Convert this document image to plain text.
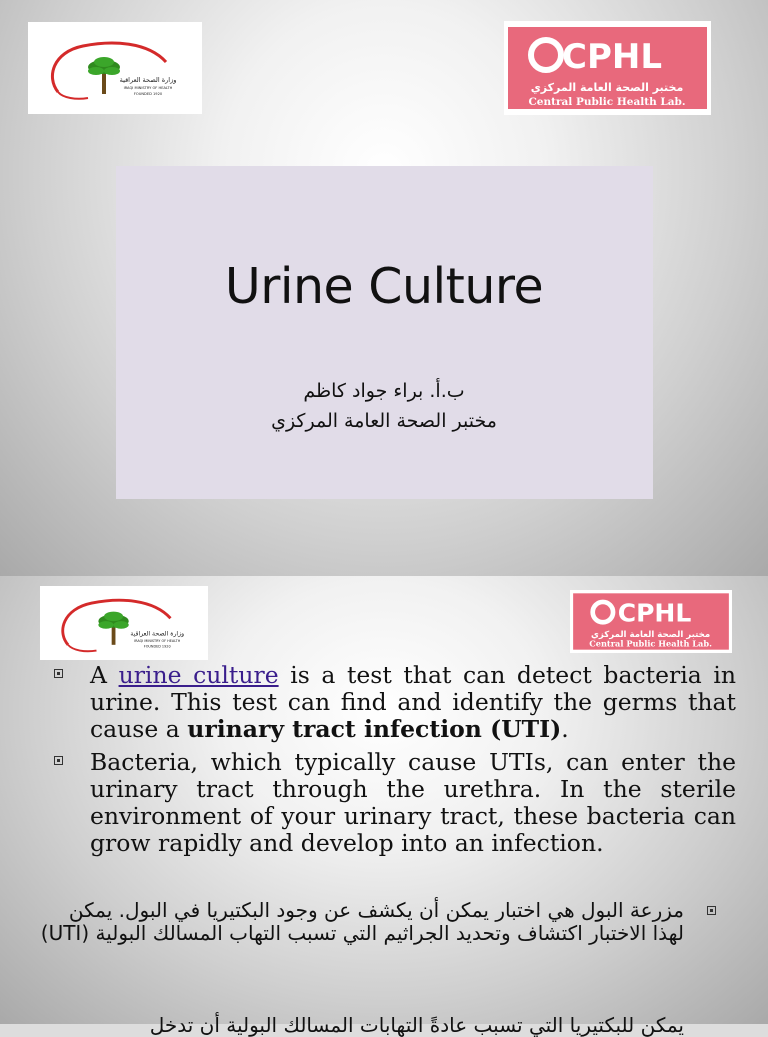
وزارة الصحة العراقية
IRAQI MINISTRY OF HEALTH
FOUNDED 1920
CPHL
مختبر الصحة العامة المركزي
Central Public Health Lab.
Urine Culture
ب.أ. براء جواد كاظم
مختبر الصحة العامة المركزي
وزارة الصحة العراقية
IRAQI MINISTRY OF HEALTH
FOUNDED 1920
CPHL
مختبر الصحة العامة المركزي
Central Public Health Lab.
A urine culture is a test that can detect bacteria in urine. This test can find and identify the germs that cause a urinary tract infection (UTI).
Bacteria, which typically cause UTIs, can enter the urinary tract through the urethra. In the sterile environment of your urinary tract, these bacteria can grow rapidly and develop into an infection.
مزرعة البول هي اختبار يمكن أن يكشف عن وجود البكتيريا في البول. يمكن لهذا الاختبار اكتشاف وتحديد الجراثيم التي تسبب التهاب المسالك البولية (UTI)
يمكن للبكتيريا التي تسبب عادةً التهابات المسالك البولية أن تدخل
